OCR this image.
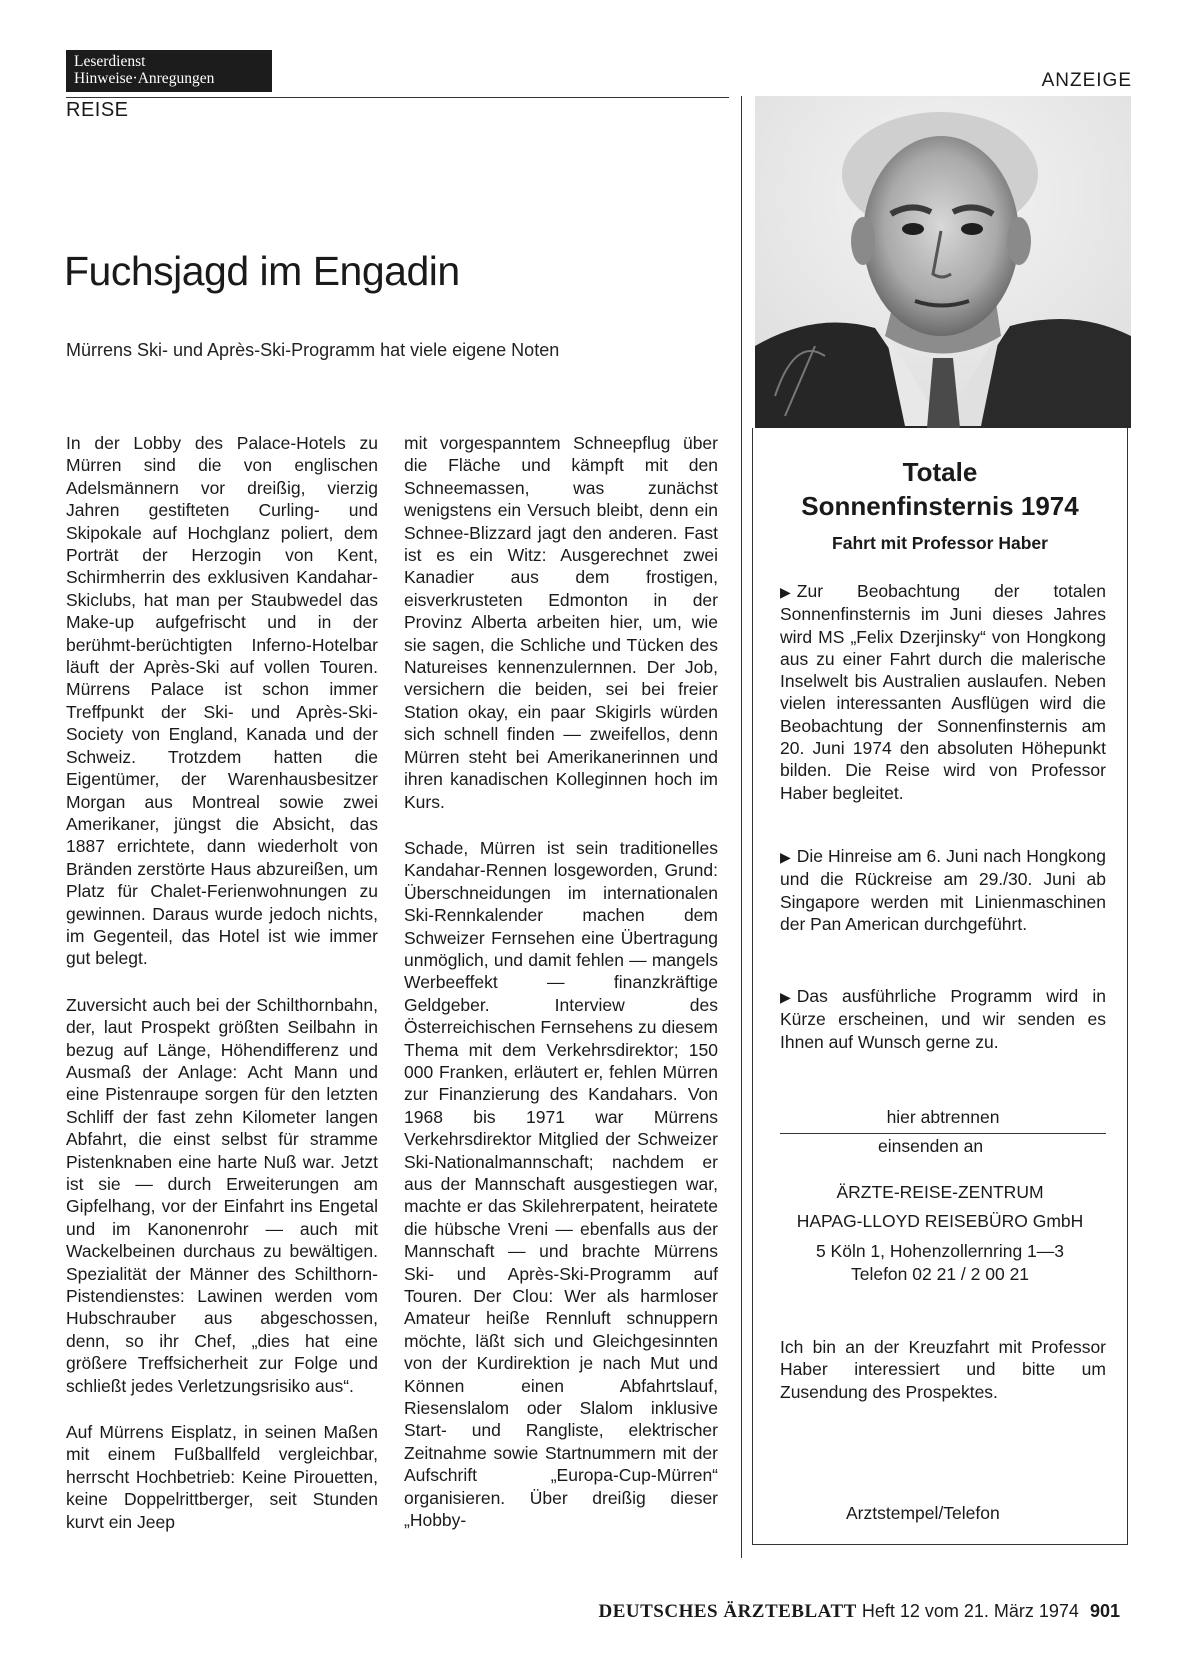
Leserdienst
Hinweise·Anregungen
REISE
ANZEIGE
Fuchsjagd im Engadin
Mürrens Ski- und Après-Ski-Programm hat viele eigene Noten

In der Lobby des Palace-Hotels zu Mürren sind die von englischen Adelsmännern vor dreißig, vierzig Jahren gestifteten Curling- und Skipokale auf Hochglanz poliert, dem Porträt der Herzogin von Kent, Schirmherrin des exklusiven Kandahar-Skiclubs, hat man per Staubwedel das Make-up aufgefrischt und in der berühmt-berüchtigten Inferno-Hotelbar läuft der Après-Ski auf vollen Touren. Mürrens Palace ist schon immer Treffpunkt der Ski- und Après-Ski-Society von England, Kanada und der Schweiz. Trotzdem hatten die Eigentümer, der Warenhausbesitzer Morgan aus Montreal sowie zwei Amerikaner, jüngst die Absicht, das 1887 errichtete, dann wiederholt von Bränden zerstörte Haus abzureißen, um Platz für Chalet-Ferienwohnungen zu gewinnen. Daraus wurde jedoch nichts, im Gegenteil, das Hotel ist wie immer gut belegt.

Zuversicht auch bei der Schilthornbahn, der, laut Prospekt größten Seilbahn in bezug auf Länge, Höhendifferenz und Ausmaß der Anlage: Acht Mann und eine Pistenraupe sorgen für den letzten Schliff der fast zehn Kilometer langen Abfahrt, die einst selbst für stramme Pistenknaben eine harte Nuß war. Jetzt ist sie — durch Erweiterungen am Gipfelhang, vor der Einfahrt ins Engetal und im Kanonenrohr — auch mit Wackelbeinen durchaus zu bewältigen. Spezialität der Männer des Schilthorn-Pistendienstes: Lawinen werden vom Hubschrauber aus abgeschossen, denn, so ihr Chef, „dies hat eine größere Treffsicherheit zur Folge und schließt jedes Verletzungsrisiko aus“.

Auf Mürrens Eisplatz, in seinen Maßen mit einem Fußballfeld vergleichbar, herrscht Hochbetrieb: Keine Pirouetten, keine Doppelrittberger, seit Stunden kurvt ein Jeep

mit vorgespanntem Schneepflug über die Fläche und kämpft mit den Schneemassen, was zunächst wenigstens ein Versuch bleibt, denn ein Schnee-Blizzard jagt den anderen. Fast ist es ein Witz: Ausgerechnet zwei Kanadier aus dem frostigen, eisverkrusteten Edmonton in der Provinz Alberta arbeiten hier, um, wie sie sagen, die Schliche und Tücken des Natureises kennenzulernnen. Der Job, versichern die beiden, sei bei freier Station okay, ein paar Skigirls würden sich schnell finden — zweifellos, denn Mürren steht bei Amerikanerinnen und ihren kanadischen Kolleginnen hoch im Kurs.

Schade, Mürren ist sein traditionelles Kandahar-Rennen losgeworden, Grund: Überschneidungen im internationalen Ski-Rennkalender machen dem Schweizer Fernsehen eine Übertragung unmöglich, und damit fehlen — mangels Werbeeffekt — finanzkräftige Geldgeber. Interview des Österreichischen Fernsehens zu diesem Thema mit dem Verkehrsdirektor; 150 000 Franken, erläutert er, fehlen Mürren zur Finanzierung des Kandahars. Von 1968 bis 1971 war Mürrens Verkehrsdirektor Mitglied der Schweizer Ski-Nationalmannschaft; nachdem er aus der Mannschaft ausgestiegen war, machte er das Skilehrerpatent, heiratete die hübsche Vreni — ebenfalls aus der Mannschaft — und brachte Mürrens Ski- und Après-Ski-Programm auf Touren. Der Clou: Wer als harmloser Amateur heiße Rennluft schnuppern möchte, läßt sich und Gleichgesinnten von der Kurdirektion je nach Mut und Können einen Abfahrtslauf, Riesenslalom oder Slalom inklusive Start- und Rangliste, elektrischer Zeitnahme sowie Startnummern mit der Aufschrift „Europa-Cup-Mürren“ organisieren. Über dreißig dieser „Hobby-

Totale
Sonnenfinsternis 1974
Fahrt mit Professor Haber
▶ Zur Beobachtung der totalen Sonnenfinsternis im Juni dieses Jahres wird MS „Felix Dzerjinsky“ von Hongkong aus zu einer Fahrt durch die malerische Inselwelt bis Australien auslaufen. Neben vielen interessanten Ausflügen wird die Beobachtung der Sonnenfinsternis am 20. Juni 1974 den absoluten Höhepunkt bilden. Die Reise wird von Professor Haber begleitet.
▶ Die Hinreise am 6. Juni nach Hongkong und die Rückreise am 29./30. Juni ab Singapore werden mit Linienmaschinen der Pan American durchgeführt.
▶ Das ausführliche Programm wird in Kürze erscheinen, und wir senden es Ihnen auf Wunsch gerne zu.
hier abtrennen
einsenden an
ÄRZTE-REISE-ZENTRUM
HAPAG-LLOYD REISEBÜRO GmbH
5 Köln 1, Hohenzollernring 1—3
Telefon 02 21 / 2 00 21
Ich bin an der Kreuzfahrt mit Professor Haber interessiert und bitte um Zusendung des Prospektes.
Arztstempel/Telefon
DEUTSCHES ÄRZTEBLATT Heft 12 vom 21. März 1974 901
